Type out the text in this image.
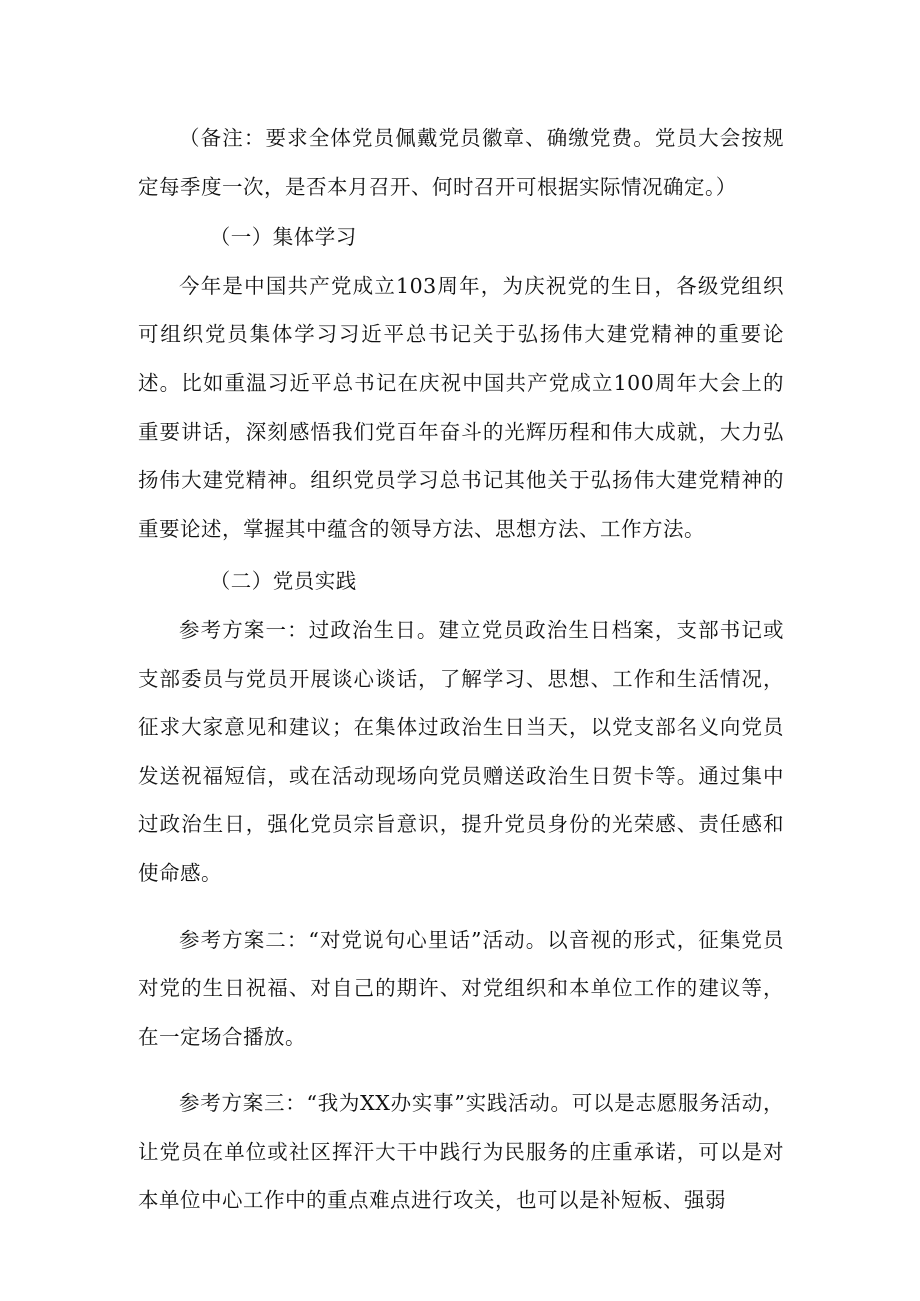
（备注：要求全体党员佩戴党员徽章、确缴党费。党员大会按规定每季度一次，是否本月召开、何时召开可根据实际情况确定。）

（一）集体学习

今年是中国共产党成立103周年，为庆祝党的生日，各级党组织可组织党员集体学习习近平总书记关于弘扬伟大建党精神的重要论述。比如重温习近平总书记在庆祝中国共产党成立100周年大会上的重要讲话，深刻感悟我们党百年奋斗的光辉历程和伟大成就，大力弘扬伟大建党精神。组织党员学习总书记其他关于弘扬伟大建党精神的重要论述，掌握其中蕴含的领导方法、思想方法、工作方法。

（二）党员实践

参考方案一：过政治生日。建立党员政治生日档案，支部书记或支部委员与党员开展谈心谈话，了解学习、思想、工作和生活情况，征求大家意见和建议；在集体过政治生日当天，以党支部名义向党员发送祝福短信，或在活动现场向党员赠送政治生日贺卡等。通过集中过政治生日，强化党员宗旨意识，提升党员身份的光荣感、责任感和使命感。

参考方案二：“对党说句心里话”活动。以音视的形式，征集党员对党的生日祝福、对自己的期许、对党组织和本单位工作的建议等，在一定场合播放。

参考方案三：“我为XX办实事”实践活动。可以是志愿服务活动，让党员在单位或社区挥汗大干中践行为民服务的庄重承诺，可以是对本单位中心工作中的重点难点进行攻关，也可以是补短板、强弱
